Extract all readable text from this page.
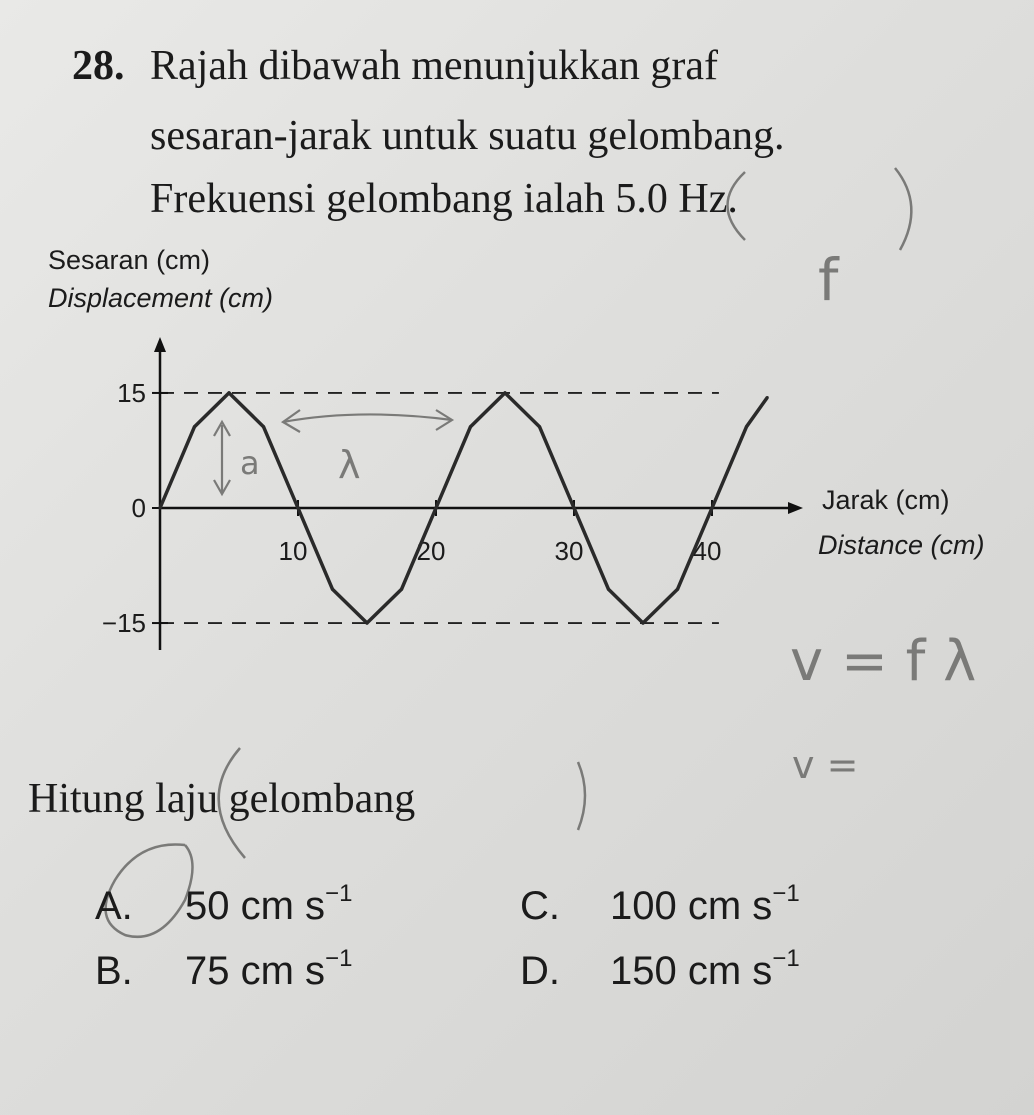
28. Rajah dibawah menunjukkan graf
sesaran-jarak untuk suatu gelombang.
Frekuensi gelombang ialah 5.0 Hz.
Sesaran (cm)
Displacement (cm)
Jarak (cm)
Distance (cm)
15
0
−15
10	20	30	40
λ
a
f
v = f λ
v =
Hitung laju gelombang
A. 50 cm $s^{-1}$
B. 75 cm $s^{-1}$
C. 100 cm $s^{-1}$
D. 150 cm $s^{-1}$
